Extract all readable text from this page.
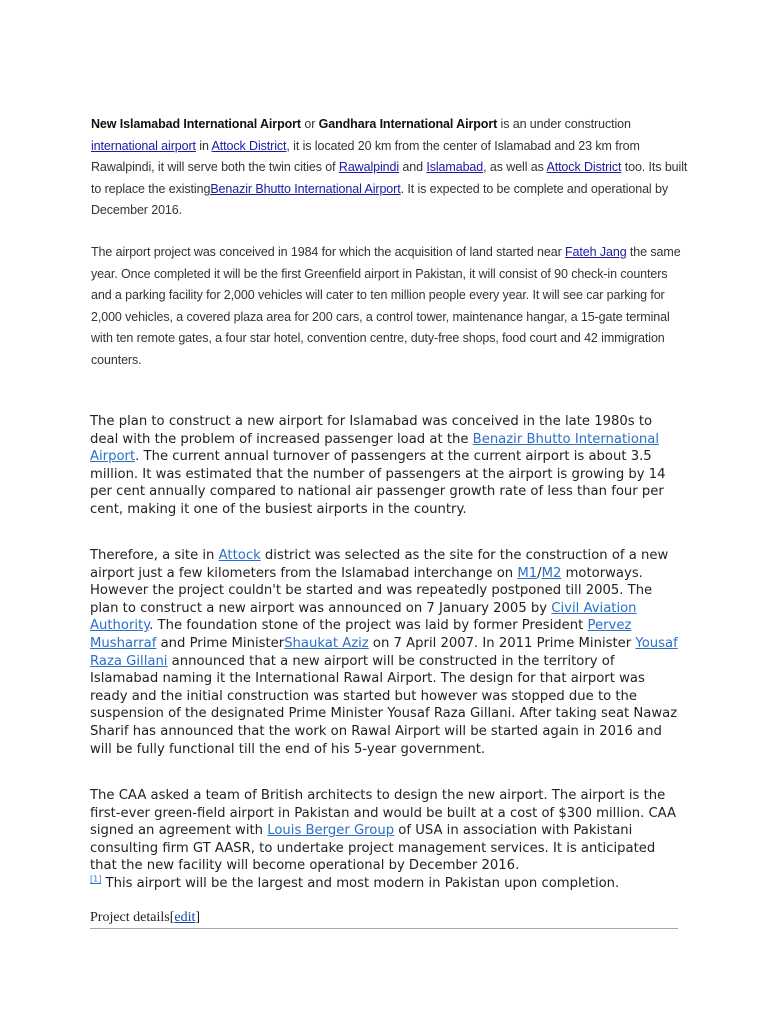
New Islamabad International Airport or Gandhara International Airport is an under construction international airport in Attock District, it is located 20 km from the center of Islamabad and 23 km from Rawalpindi, it will serve both the twin cities of Rawalpindi and Islamabad, as well as Attock District too. Its built to replace the existingBenazir Bhutto International Airport. It is expected to be complete and operational by December 2016.

The airport project was conceived in 1984 for which the acquisition of land started near Fateh Jang the same year. Once completed it will be the first Greenfield airport in Pakistan, it will consist of 90 check-in counters and a parking facility for 2,000 vehicles will cater to ten million people every year. It will see car parking for 2,000 vehicles, a covered plaza area for 200 cars, a control tower, maintenance hangar, a 15-gate terminal with ten remote gates, a four star hotel, convention centre, duty-free shops, food court and 42 immigration counters.

The plan to construct a new airport for Islamabad was conceived in the late 1980s to deal with the problem of increased passenger load at the Benazir Bhutto International Airport. The current annual turnover of passengers at the current airport is about 3.5 million. It was estimated that the number of passengers at the airport is growing by 14 per cent annually compared to national air passenger growth rate of less than four per cent, making it one of the busiest airports in the country.

Therefore, a site in Attock district was selected as the site for the construction of a new airport just a few kilometers from the Islamabad interchange on M1/M2 motorways. However the project couldn't be started and was repeatedly postponed till 2005. The plan to construct a new airport was announced on 7 January 2005 by Civil Aviation Authority. The foundation stone of the project was laid by former President Pervez Musharraf and Prime MinisterShaukat Aziz on 7 April 2007. In 2011 Prime Minister Yousaf Raza Gillani announced that a new airport will be constructed in the territory of Islamabad naming it the International Rawal Airport. The design for that airport was ready and the initial construction was started but however was stopped due to the suspension of the designated Prime Minister Yousaf Raza Gillani. After taking seat Nawaz Sharif has announced that the work on Rawal Airport will be started again in 2016 and will be fully functional till the end of his 5-year government.

The CAA asked a team of British architects to design the new airport. The airport is the first-ever green-field airport in Pakistan and would be built at a cost of $300 million. CAA signed an agreement with Louis Berger Group of USA in association with Pakistani consulting firm GT AASR, to undertake project management services. It is anticipated that the new facility will become operational by December 2016.
[1] This airport will be the largest and most modern in Pakistan upon completion.

Project details[edit]
